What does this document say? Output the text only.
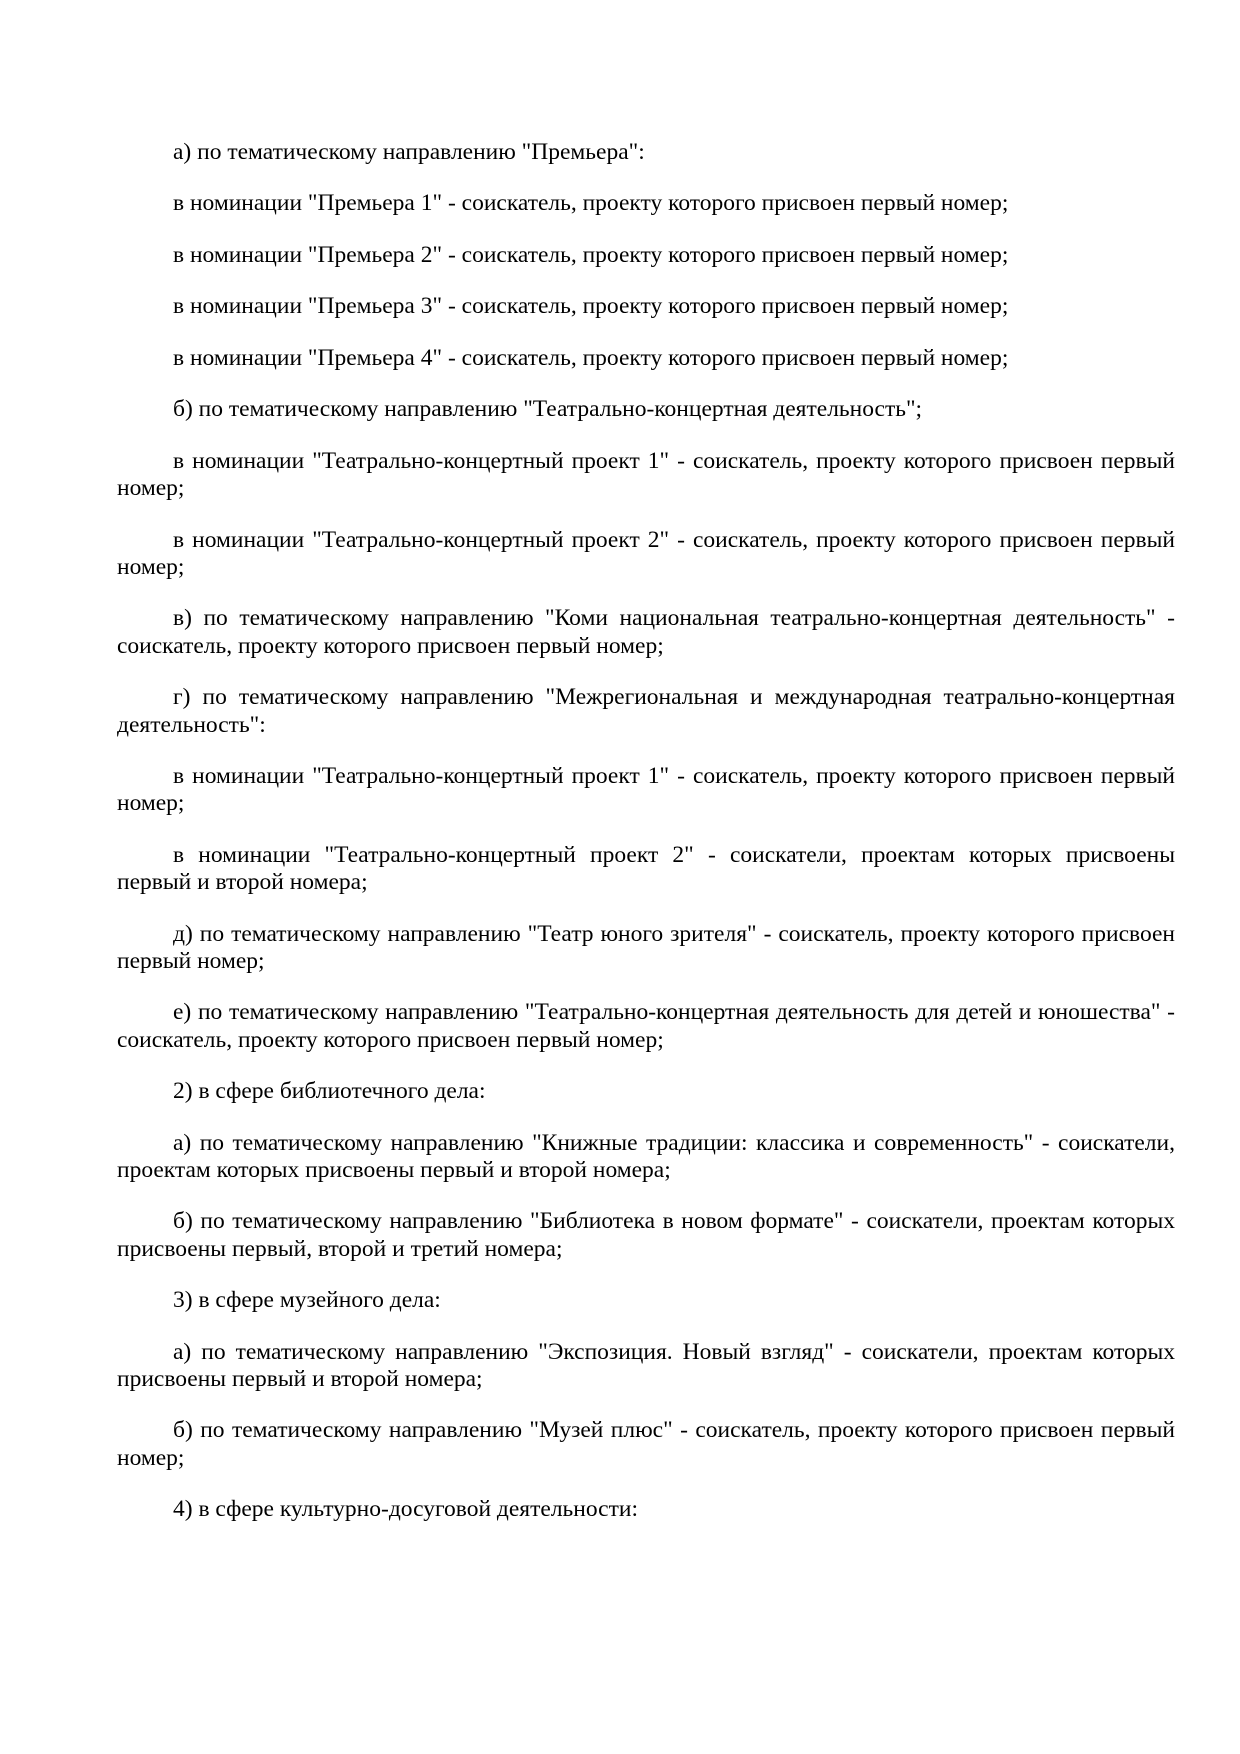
а) по тематическому направлению "Премьера":

в номинации "Премьера 1" - соискатель, проекту которого присвоен первый номер;

в номинации "Премьера 2" - соискатель, проекту которого присвоен первый номер;

в номинации "Премьера 3" - соискатель, проекту которого присвоен первый номер;

в номинации "Премьера 4" - соискатель, проекту которого присвоен первый номер;

б) по тематическому направлению "Театрально-концертная деятельность";

в номинации "Театрально-концертный проект 1" - соискатель, проекту которого присвоен первый номер;

в номинации "Театрально-концертный проект 2" - соискатель, проекту которого присвоен первый номер;

в) по тематическому направлению "Коми национальная театрально-концертная деятельность" - соискатель, проекту которого присвоен первый номер;

г) по тематическому направлению "Межрегиональная и международная театрально-концертная деятельность":

в номинации "Театрально-концертный проект 1" - соискатель, проекту которого присвоен первый номер;

в номинации "Театрально-концертный проект 2" - соискатели, проектам которых присвоены первый и второй номера;

д) по тематическому направлению "Театр юного зрителя" - соискатель, проекту которого присвоен первый номер;

е) по тематическому направлению "Театрально-концертная деятельность для детей и юношества" - соискатель, проекту которого присвоен первый номер;

2) в сфере библиотечного дела:

а) по тематическому направлению "Книжные традиции: классика и современность" - соискатели, проектам которых присвоены первый и второй номера;

б) по тематическому направлению "Библиотека в новом формате" - соискатели, проектам которых присвоены первый, второй и третий номера;

3) в сфере музейного дела:

а) по тематическому направлению "Экспозиция. Новый взгляд" - соискатели, проектам которых присвоены первый и второй номера;

б) по тематическому направлению "Музей плюс" - соискатель, проекту которого присвоен первый номер;

4) в сфере культурно-досуговой деятельности:
